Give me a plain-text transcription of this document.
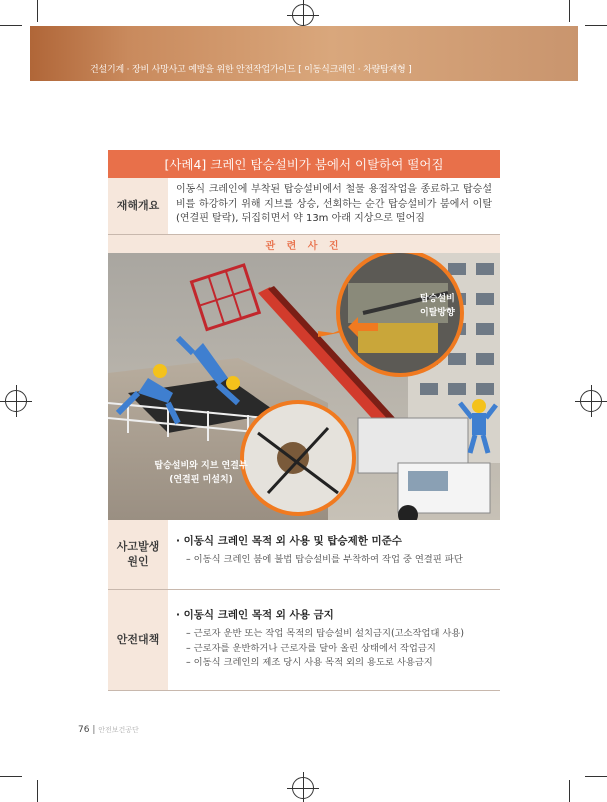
건설기계 · 장비 사망사고 예방을 위한 안전작업가이드 [ 이동식크레인 · 차량탑재형 ]
[사례4] 크레인 탑승설비가 붐에서 이탈하여 떨어짐
재해개요
이동식 크레인에 부착된 탑승설비에서 철물 용접작업을 종료하고 탑승설비를 하강하기 위해 지브를 상승, 선회하는 순간 탑승설비가 붐에서 이탈(연결핀 탈락), 뒤집히면서 약 13m 아래 지상으로 떨어짐
관 련 사 진
탑승설비
이탈방향
탑승설비와 지브 연결부
(연결핀 미설치)
사고발생
원인
· 이동식 크레인 목적 외 사용 및 탑승제한 미준수
– 이동식 크레인 붐에 불법 탑승설비를 부착하여 작업 중 연결핀 파단
안전대책
· 이동식 크레인 목적 외 사용 금지
– 근로자 운반 또는 작업 목적의 탑승설비 설치금지(고소작업대 사용)
– 근로자를 운반하거나 근로자를 달아 올린 상태에서 작업금지
– 이동식 크레인의 제조 당시 사용 목적 외의 용도로 사용금지
76 | 안전보건공단
